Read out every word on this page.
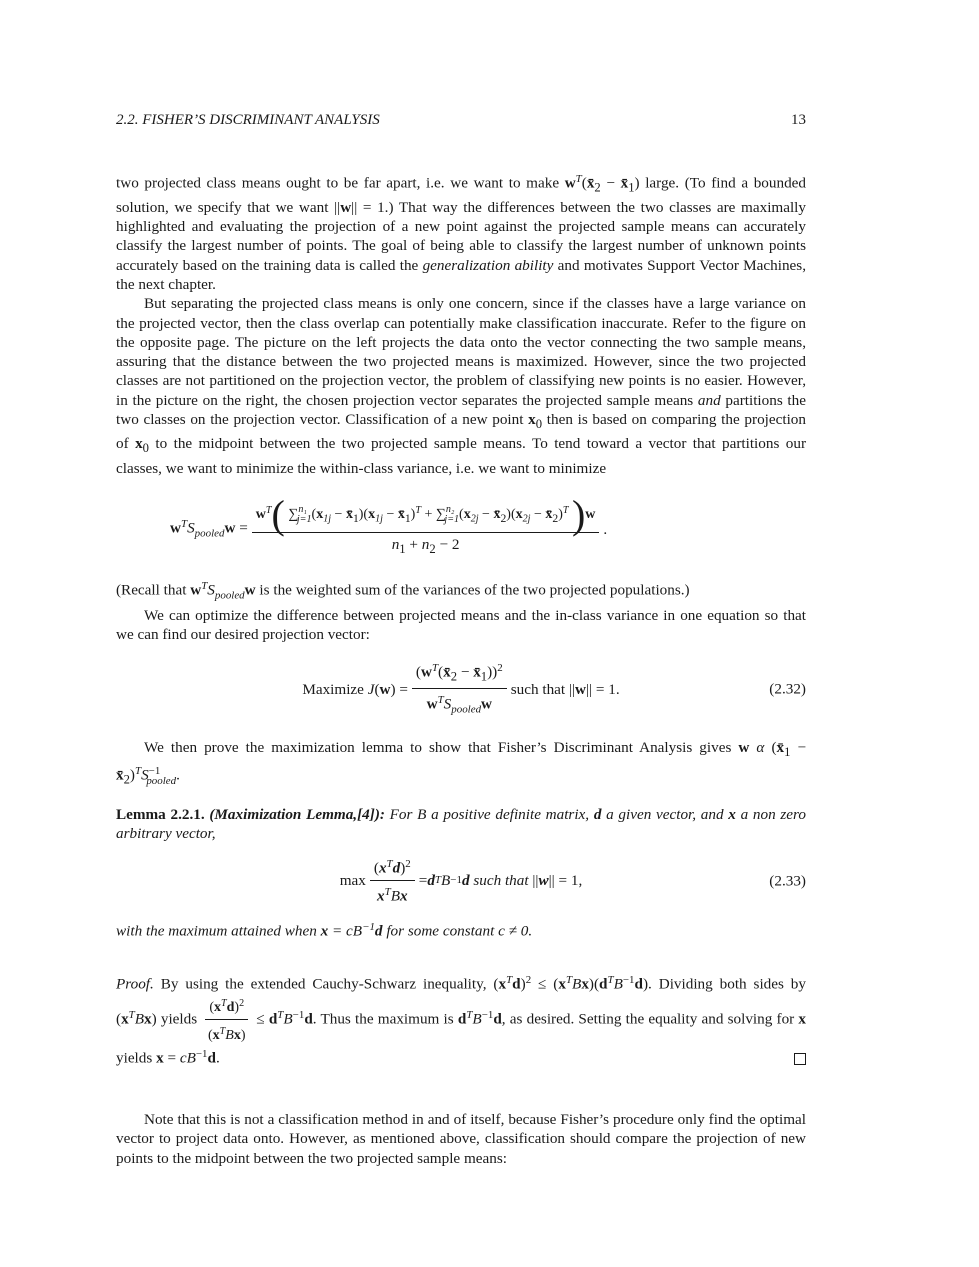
2.2. FISHER’S DISCRIMINANT ANALYSIS	13

two projected class means ought to be far apart, i.e. we want to make $w^T(x̄_2$ − $x̄_1$) large. (To find a bounded solution, we specify that we want ||w|| = 1.) That way the differences between the two classes are maximally highlighted and evaluating the projection of a new point against the projected sample means can accurately classify the largest number of points. The goal of being able to classify the largest number of unknown points accurately based on the training data is called the generalization ability and motivates Support Vector Machines, the next chapter.

But separating the projected class means is only one concern, since if the classes have a large variance on the projected vector, then the class overlap can potentially make classification inaccurate. Refer to the figure on the opposite page. The picture on the left projects the data onto the vector connecting the two sample means, assuring that the distance between the two projected means is maximized. However, since the two projected classes are not partitioned on the projection vector, the problem of classifying new points is no easier. However, in the picture on the right, the chosen projection vector separates the projected sample means and partitions the two classes on the projection vector. Classification of a new point $x_0$ then is based on comparing the projection of $x_0$ to the midpoint between the two projected sample means. To tend toward a vector that partitions our classes, we want to minimize the within-class variance, i.e. we want to minimize

$w^TS_{pooled}w$ =
$w^T$( $\sum^{n_1}_{j=1}(x_{1j}$ − $x̄_1)(x_{1j}$ − $x̄_1)^T + \sum^{n_2}_{j=1}(x_{2j}$ − $x̄_2)(x_{2j}$ − $x̄_2)^T$ )w
$n_1 + n_2 - 2$
.

(Recall that $w^TS_{pooled}w$ is the weighted sum of the variances of the two projected populations.)

We can optimize the difference between projected means and the in-class variance in one equation so that we can find our desired projection vector:

Maximize
J ( w ) = $\frac{(w^T(x̄_2 - x̄_1))^2}{w^TS_{pooled}w}$ such that || w || = 1.	(2.32)

We then prove the maximization lemma to show that Fisher’s Discriminant Analysis gives w α ($x̄_1$ − $x̄_2)^TS^{-1}_{pooled}$.

Lemma 2.2.1. (Maximization Lemma,[4]): For B a positive definite matrix, d a given vector, and x a non zero arbitrary vector,

$\max \frac{(x^Td)^2}{x^TBx} = d$ T B −1 d
such that || w || = 1,	(2.33)

with the maximum attained when $x = cB^{-1}d$ for some constant c ≠ 0.

Proof. By using the extended Cauchy-Schwarz inequality, $(x^Td)^2 \le (x^TBx)(d^TB^{-1}d)$. Dividing both sides by $(x^TBx)$ yields $\frac{(x^Td)^2}{(x^TBx)} \le d^TB^{-1}d$. Thus the maximum is $d^TB^{-1}d$, as desired. Setting the equality and solving for x yields $x = cB^{-1}d$.

Note that this is not a classification method in and of itself, because Fisher’s procedure only find the optimal vector to project data onto. However, as mentioned above, classification should compare the projection of new points to the midpoint between the two projected sample means:
